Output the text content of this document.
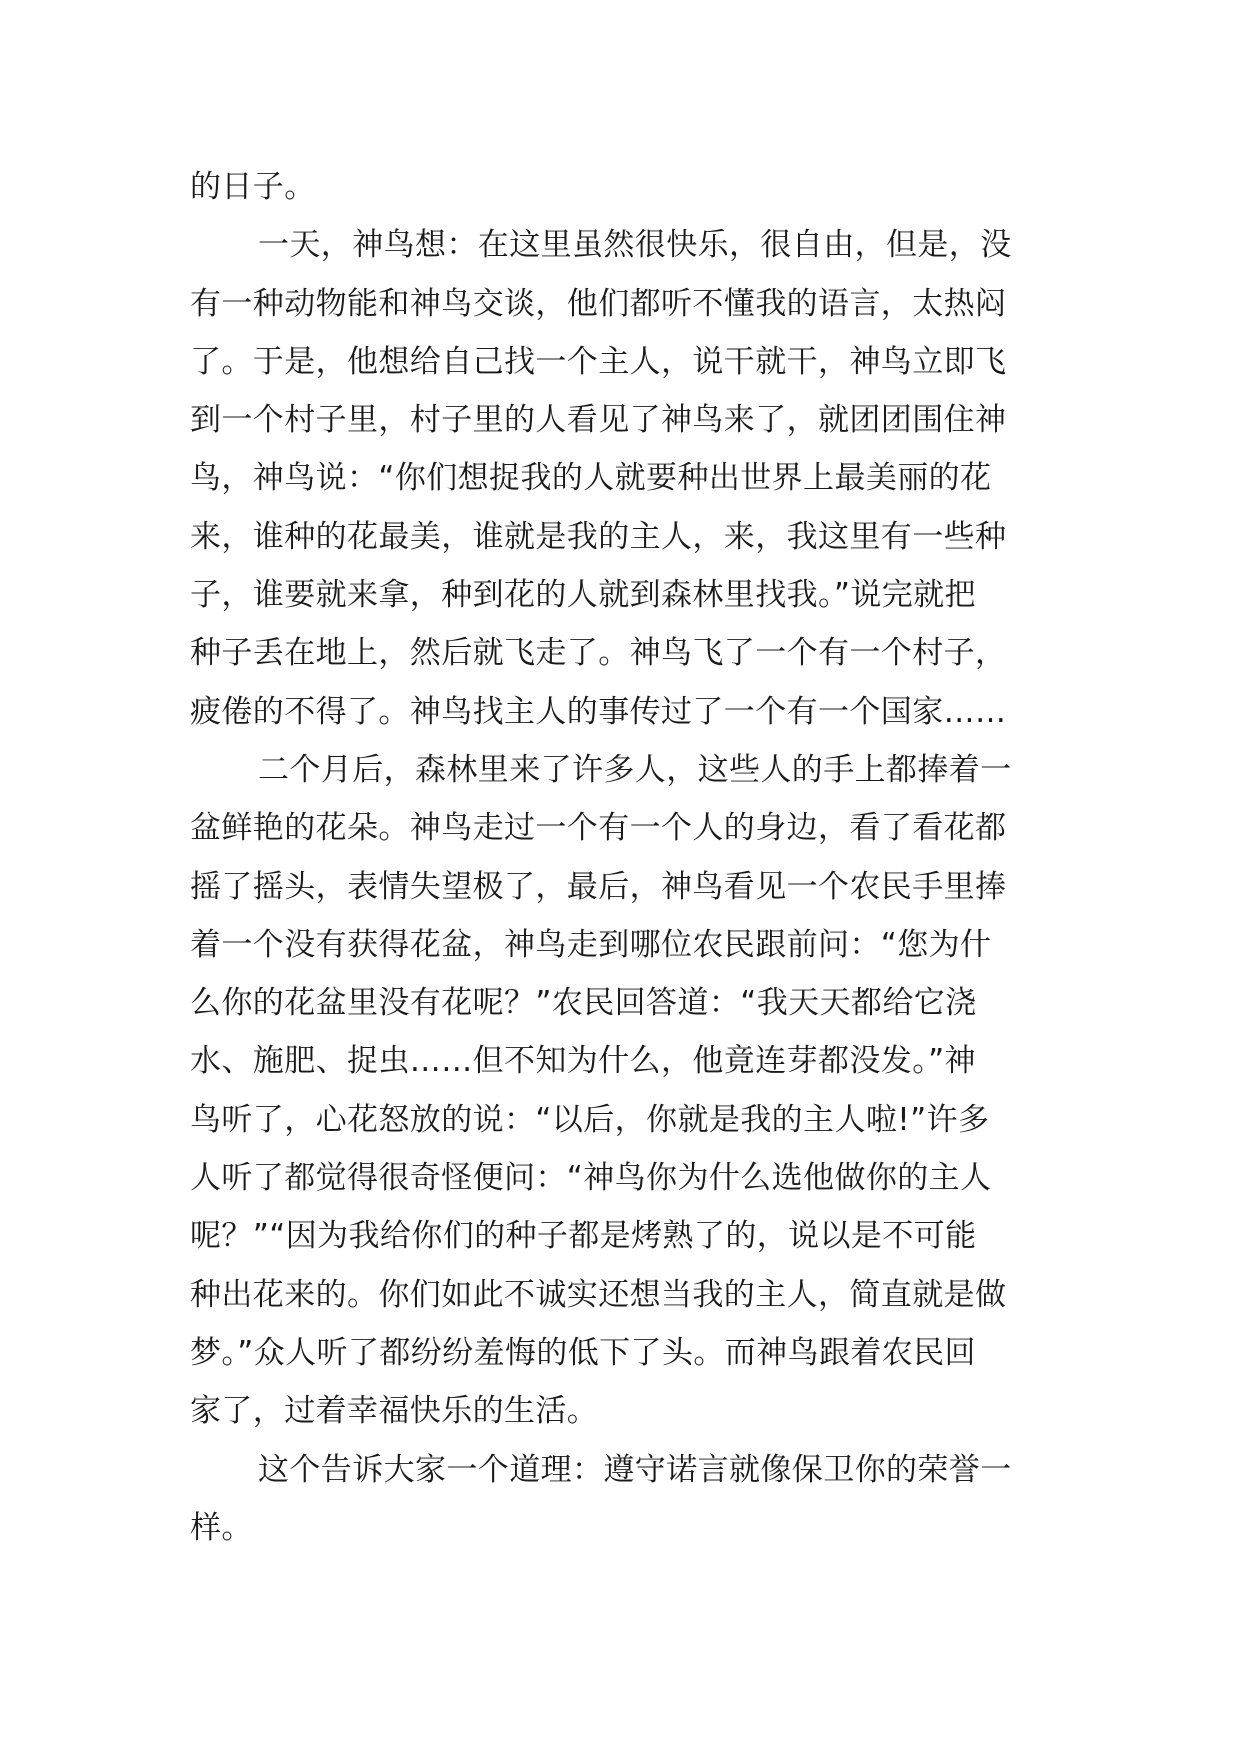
的日子。
一天，神鸟想：在这里虽然很快乐，很自由，但是，没
有一种动物能和神鸟交谈，他们都听不懂我的语言，太热闷
了。于是，他想给自己找一个主人，说干就干，神鸟立即飞
到一个村子里，村子里的人看见了神鸟来了，就团团围住神
鸟，神鸟说：“你们想捉我的人就要种出世界上最美丽的花
来，谁种的花最美，谁就是我的主人，来，我这里有一些种
子，谁要就来拿，种到花的人就到森林里找我。”说完就把
种子丢在地上，然后就飞走了。神鸟飞了一个有一个村子，
疲倦的不得了。神鸟找主人的事传过了一个有一个国家……
二个月后，森林里来了许多人，这些人的手上都捧着一
盆鲜艳的花朵。神鸟走过一个有一个人的身边，看了看花都
摇了摇头，表情失望极了，最后，神鸟看见一个农民手里捧
着一个没有获得花盆，神鸟走到哪位农民跟前问：“您为什
么你的花盆里没有花呢？”农民回答道：“我天天都给它浇
水、施肥、捉虫……但不知为什么，他竟连芽都没发。”神
鸟听了，心花怒放的说：“以后，你就是我的主人啦!”许多
人听了都觉得很奇怪便问：“神鸟你为什么选他做你的主人
呢？”“因为我给你们的种子都是烤熟了的，说以是不可能
种出花来的。你们如此不诚实还想当我的主人，简直就是做
梦。”众人听了都纷纷羞悔的低下了头。而神鸟跟着农民回
家了，过着幸福快乐的生活。
这个告诉大家一个道理：遵守诺言就像保卫你的荣誉一
样。
